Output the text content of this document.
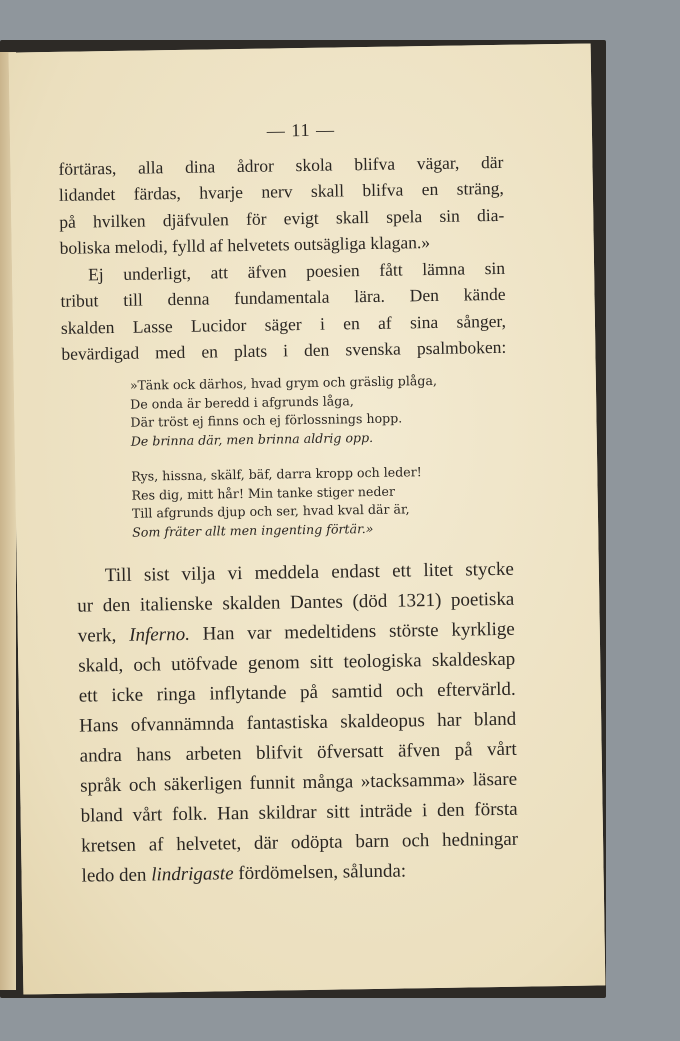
— 11 —
förtäras, alla dina ådror skola blifva vägar, där
lidandet färdas, hvarje nerv skall blifva en sträng,
på hvilken djäfvulen för evigt skall spela sin dia-
boliska melodi, fylld af helvetets outsägliga klagan.»
Ej underligt, att äfven poesien fått lämna sin
tribut till denna fundamentala lära. Den kände
skalden Lasse Lucidor säger i en af sina sånger,
bevärdigad med en plats i den svenska psalmboken:
»Tänk ock därhos, hvad grym och gräslig plåga,
De onda är beredd i afgrunds låga,
Där tröst ej finns och ej förlossnings hopp.
De brinna där, men brinna aldrig opp.
Rys, hissna, skälf, bäf, darra kropp och leder!
Res dig, mitt hår! Min tanke stiger neder
Till afgrunds djup och ser, hvad kval där är,
Som fräter allt men ingenting förtär.»
Till sist vilja vi meddela endast ett litet stycke
ur den italienske skalden Dantes (död 1321) poetiska
verk, Inferno. Han var medeltidens störste kyrklige
skald, och utöfvade genom sitt teologiska skaldeskap
ett icke ringa inflytande på samtid och eftervärld.
Hans ofvannämnda fantastiska skaldeopus har bland
andra hans arbeten blifvit öfversatt äfven på vårt
språk och säkerligen funnit många »tacksamma» läsare
bland vårt folk. Han skildrar sitt inträde i den första
kretsen af helvetet, där odöpta barn och hedningar
ledo den lindrigaste fördömelsen, sålunda:
